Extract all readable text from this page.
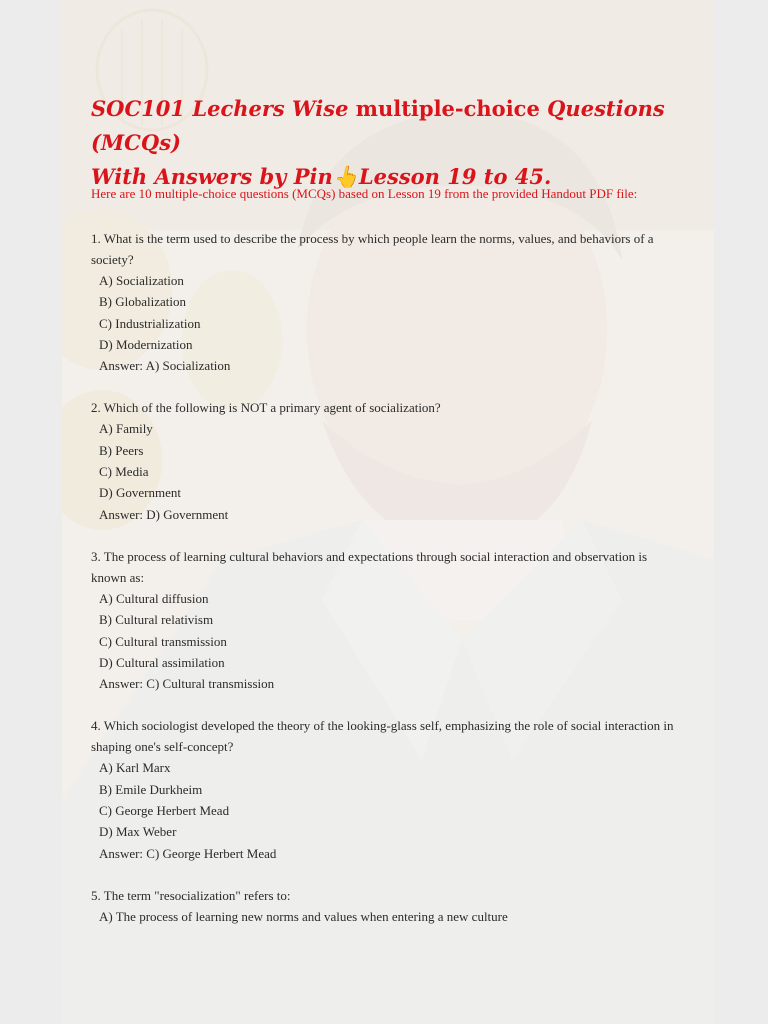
SOC101 Lechers Wise multiple-choice Questions (MCQs)
With Answers by Pin👆Lesson 19 to 45.
Here are 10 multiple-choice questions (MCQs) based on Lesson 19 from the provided Handout PDF file:

1. What is the term used to describe the process by which people learn the norms, values, and behaviors of a society?

A) Socialization

B) Globalization

C) Industrialization

D) Modernization

Answer: A) Socialization

2. Which of the following is NOT a primary agent of socialization?

A) Family

B) Peers

C) Media

D) Government

Answer: D) Government

3. The process of learning cultural behaviors and expectations through social interaction and observation is known as:

A) Cultural diffusion

B) Cultural relativism

C) Cultural transmission

D) Cultural assimilation

Answer: C) Cultural transmission

4. Which sociologist developed the theory of the looking-glass self, emphasizing the role of social interaction in shaping one's self-concept?

A) Karl Marx

B) Emile Durkheim

C) George Herbert Mead

D) Max Weber

Answer: C) George Herbert Mead

5. The term "resocialization" refers to:

A) The process of learning new norms and values when entering a new culture
